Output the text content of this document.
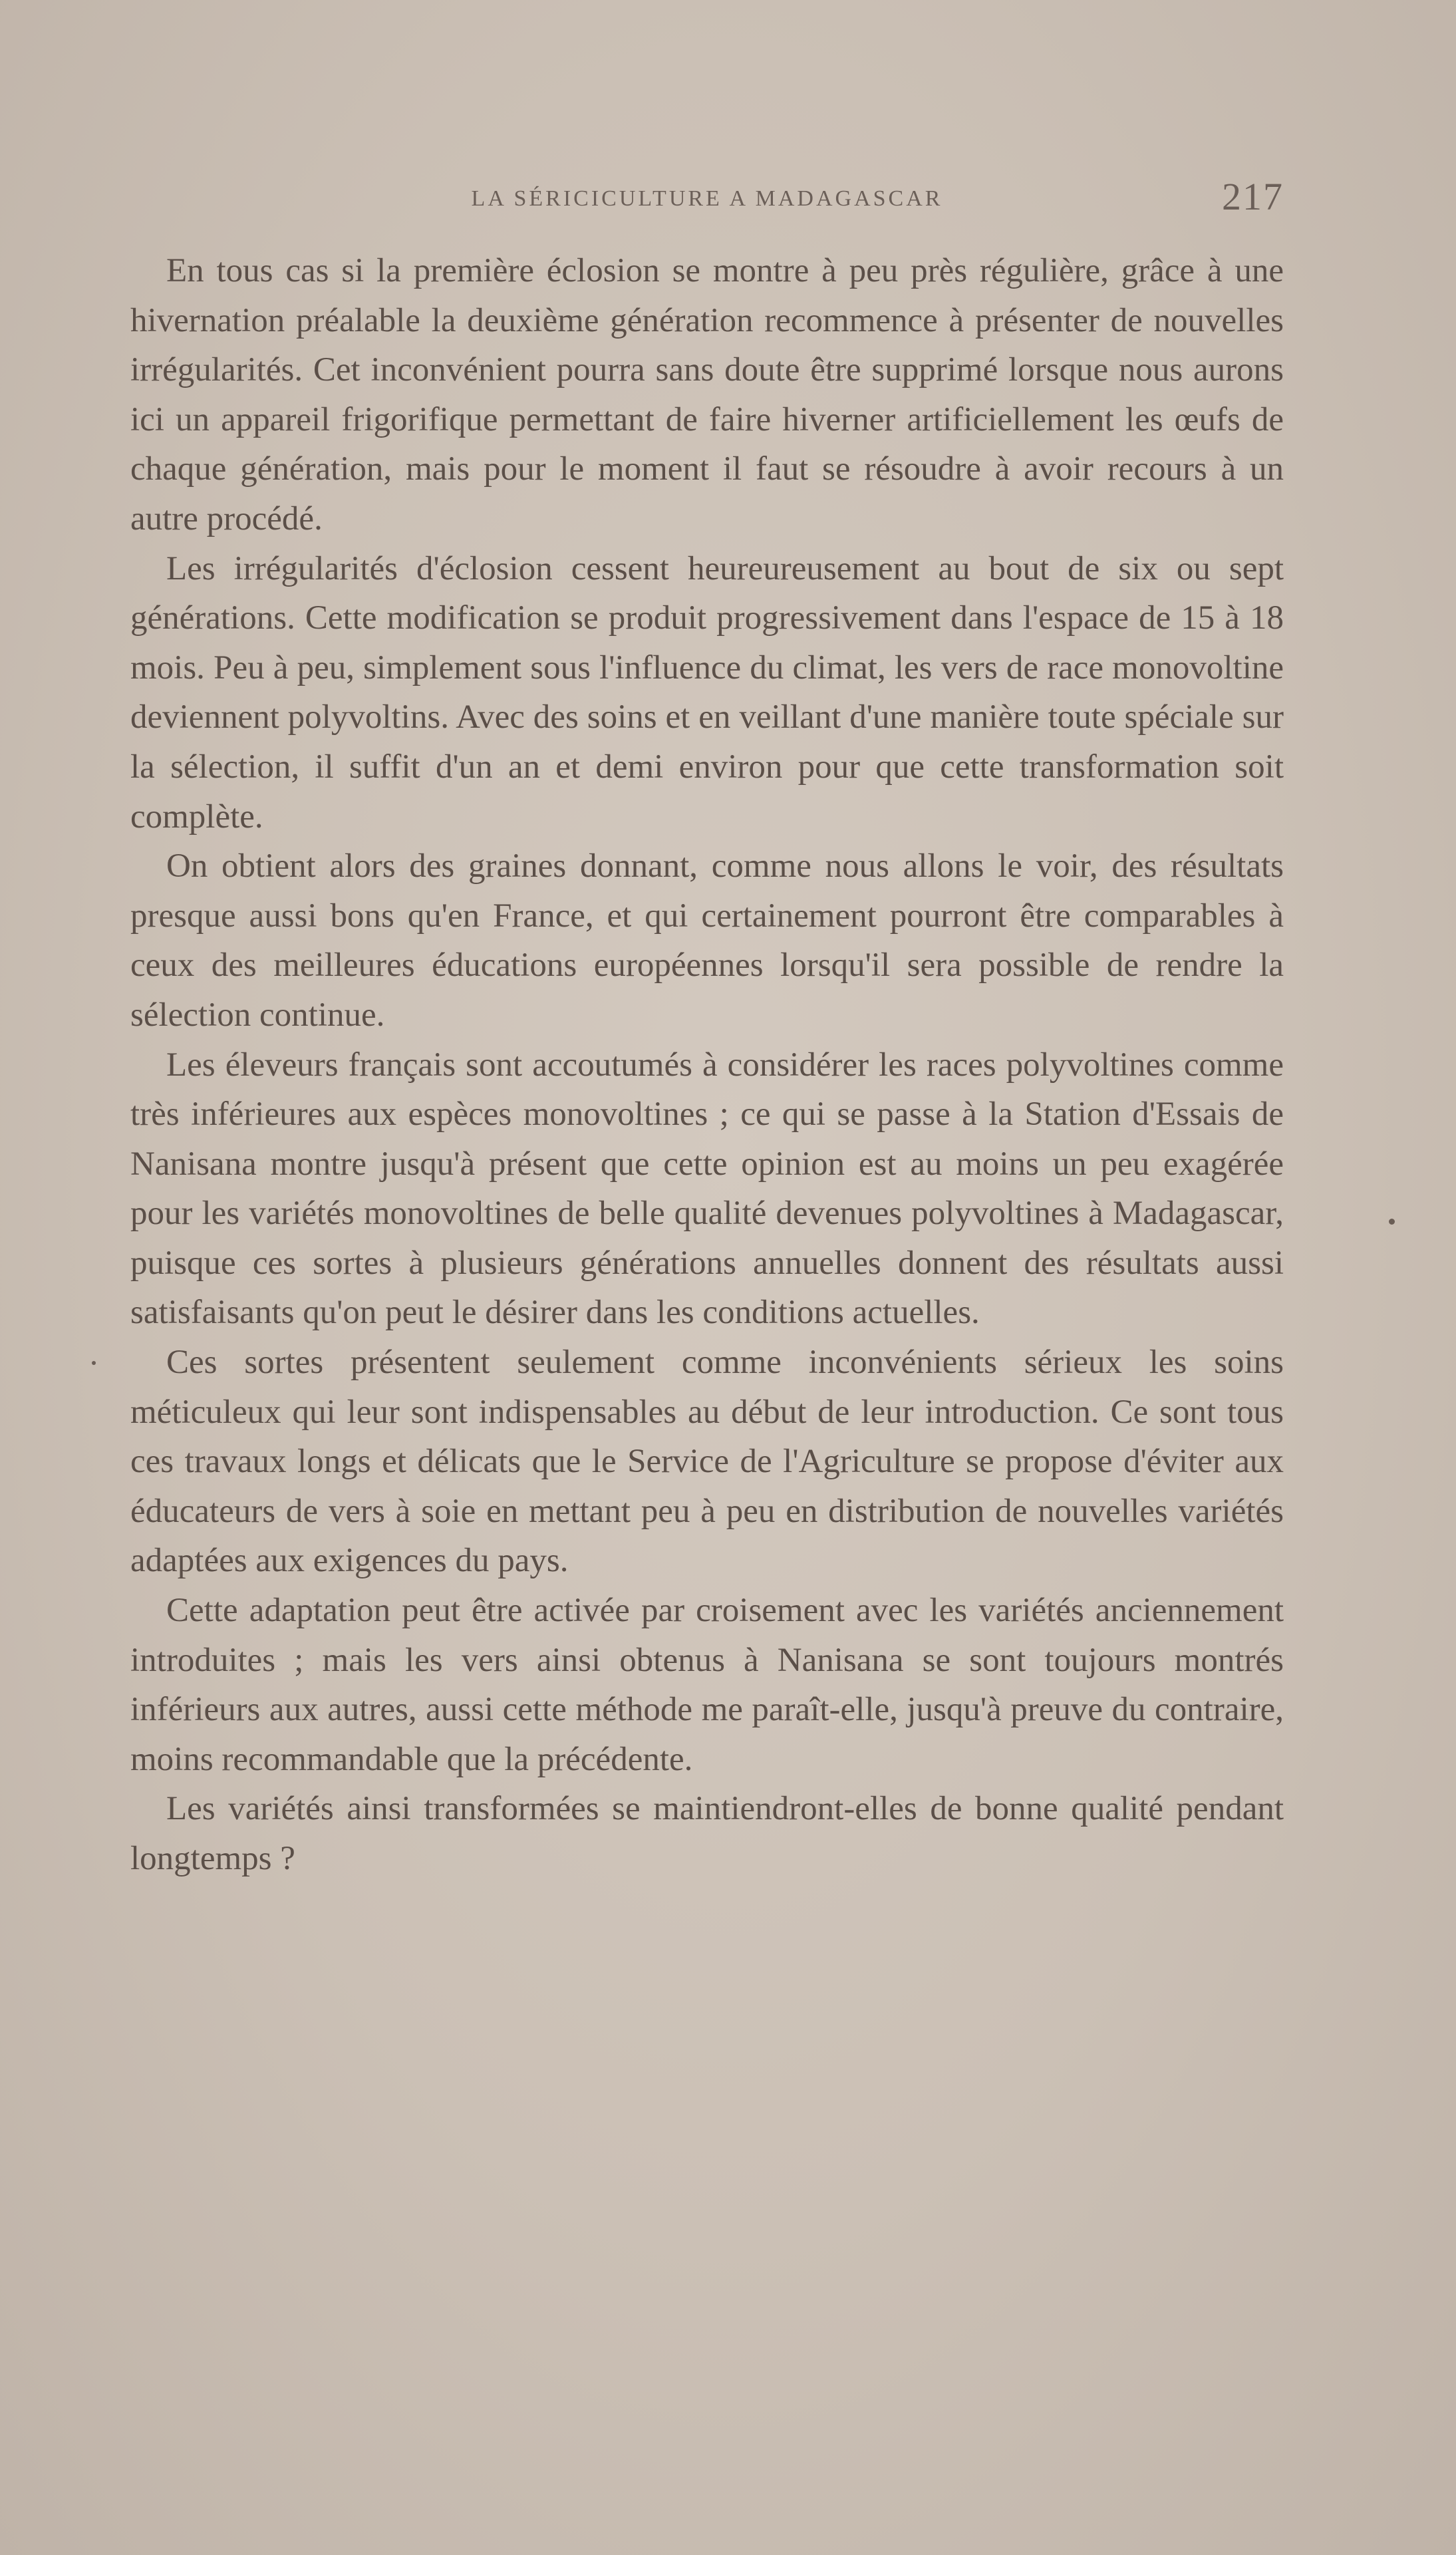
LA SÉRICICULTURE A MADAGASCAR	217

En tous cas si la première éclosion se montre à peu près régulière, grâce à une hivernation préalable la deuxième génération recommence à présenter de nouvelles irrégularités. Cet inconvénient pourra sans doute être supprimé lorsque nous aurons ici un appareil frigorifique permettant de faire hiverner artificiellement les œufs de chaque génération, mais pour le moment il faut se résoudre à avoir recours à un autre procédé.

Les irrégularités d'éclosion cessent heureureusement au bout de six ou sept générations. Cette modification se produit progressivement dans l'espace de 15 à 18 mois. Peu à peu, simplement sous l'influence du climat, les vers de race monovoltine deviennent polyvoltins. Avec des soins et en veillant d'une manière toute spéciale sur la sélection, il suffit d'un an et demi environ pour que cette transformation soit complète.

On obtient alors des graines donnant, comme nous allons le voir, des résultats presque aussi bons qu'en France, et qui certainement pourront être comparables à ceux des meilleures éducations européennes lorsqu'il sera possible de rendre la sélection continue.

Les éleveurs français sont accoutumés à considérer les races polyvoltines comme très inférieures aux espèces monovoltines ; ce qui se passe à la Station d'Essais de Nanisana montre jusqu'à présent que cette opinion est au moins un peu exagérée pour les variétés monovoltines de belle qualité devenues polyvoltines à Madagascar, puisque ces sortes à plusieurs générations annuelles donnent des résultats aussi satisfaisants qu'on peut le désirer dans les conditions actuelles.

Ces sortes présentent seulement comme inconvénients sérieux les soins méticuleux qui leur sont indispensables au début de leur introduction. Ce sont tous ces travaux longs et délicats que le Service de l'Agriculture se propose d'éviter aux éducateurs de vers à soie en mettant peu à peu en distribution de nouvelles variétés adaptées aux exigences du pays.

Cette adaptation peut être activée par croisement avec les variétés anciennement introduites ; mais les vers ainsi obtenus à Nanisana se sont toujours montrés inférieurs aux autres, aussi cette méthode me paraît-elle, jusqu'à preuve du contraire, moins recommandable que la précédente.

Les variétés ainsi transformées se maintiendront-elles de bonne qualité pendant longtemps ?
